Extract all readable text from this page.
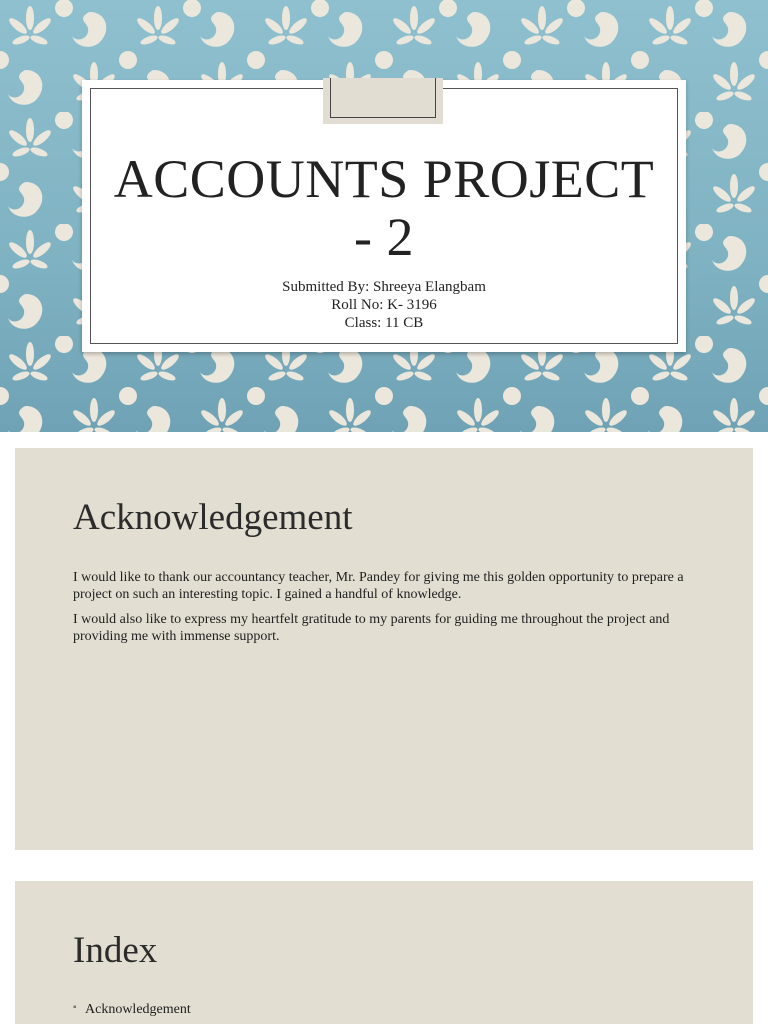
ACCOUNTS PROJECT
- 2
Submitted By: Shreeya Elangbam
Roll No: K- 3196
Class: 11 CB
Acknowledgement

I would like to thank our accountancy teacher, Mr. Pandey for giving me this golden opportunity to prepare a project on such an interesting topic. I gained a handful of knowledge.

I would also like to express my heartfelt gratitude to my parents for guiding me throughout the project and providing me with immense support.

Index
▪ Acknowledgement
